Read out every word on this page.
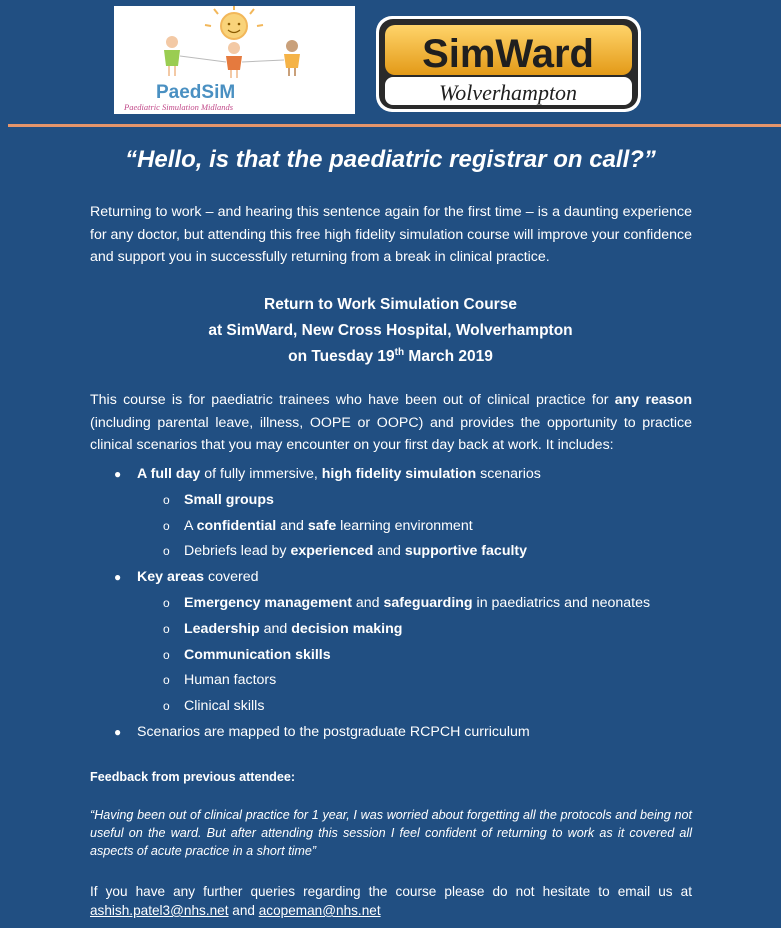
PaedSiM
Paediatric Simulation Midlands
SimWard
Wolverhampton
“Hello, is that the paediatric registrar on call?”
Returning to work – and hearing this sentence again for the first time – is a daunting experience for any doctor, but attending this free high fidelity simulation course will improve your confidence and support you in successfully returning from a break in clinical practice.
Return to Work Simulation Course
at SimWard, New Cross Hospital, Wolverhampton
on Tuesday 19th March 2019
This course is for paediatric trainees who have been out of clinical practice for any reason (including parental leave, illness, OOPE or OOPC) and provides the opportunity to practice clinical scenarios that you may encounter on your first day back at work. It includes:
● A full day of fully immersive, high fidelity simulation scenarios
o Small groups
o A confidential and safe learning environment
o Debriefs lead by experienced and supportive faculty
● Key areas covered
o Emergency management and safeguarding in paediatrics and neonates
o Leadership and decision making
o Communication skills
o Human factors
o Clinical skills
● Scenarios are mapped to the postgraduate RCPCH curriculum
Feedback from previous attendee:
“Having been out of clinical practice for 1 year, I was worried about forgetting all the protocols and being not useful on the ward. But after attending this session I feel confident of returning to work as it covered all aspects of acute practice in a short time”
If you have any further queries regarding the course please do not hesitate to email us at ashish.patel3@nhs.net and acopeman@nhs.net
